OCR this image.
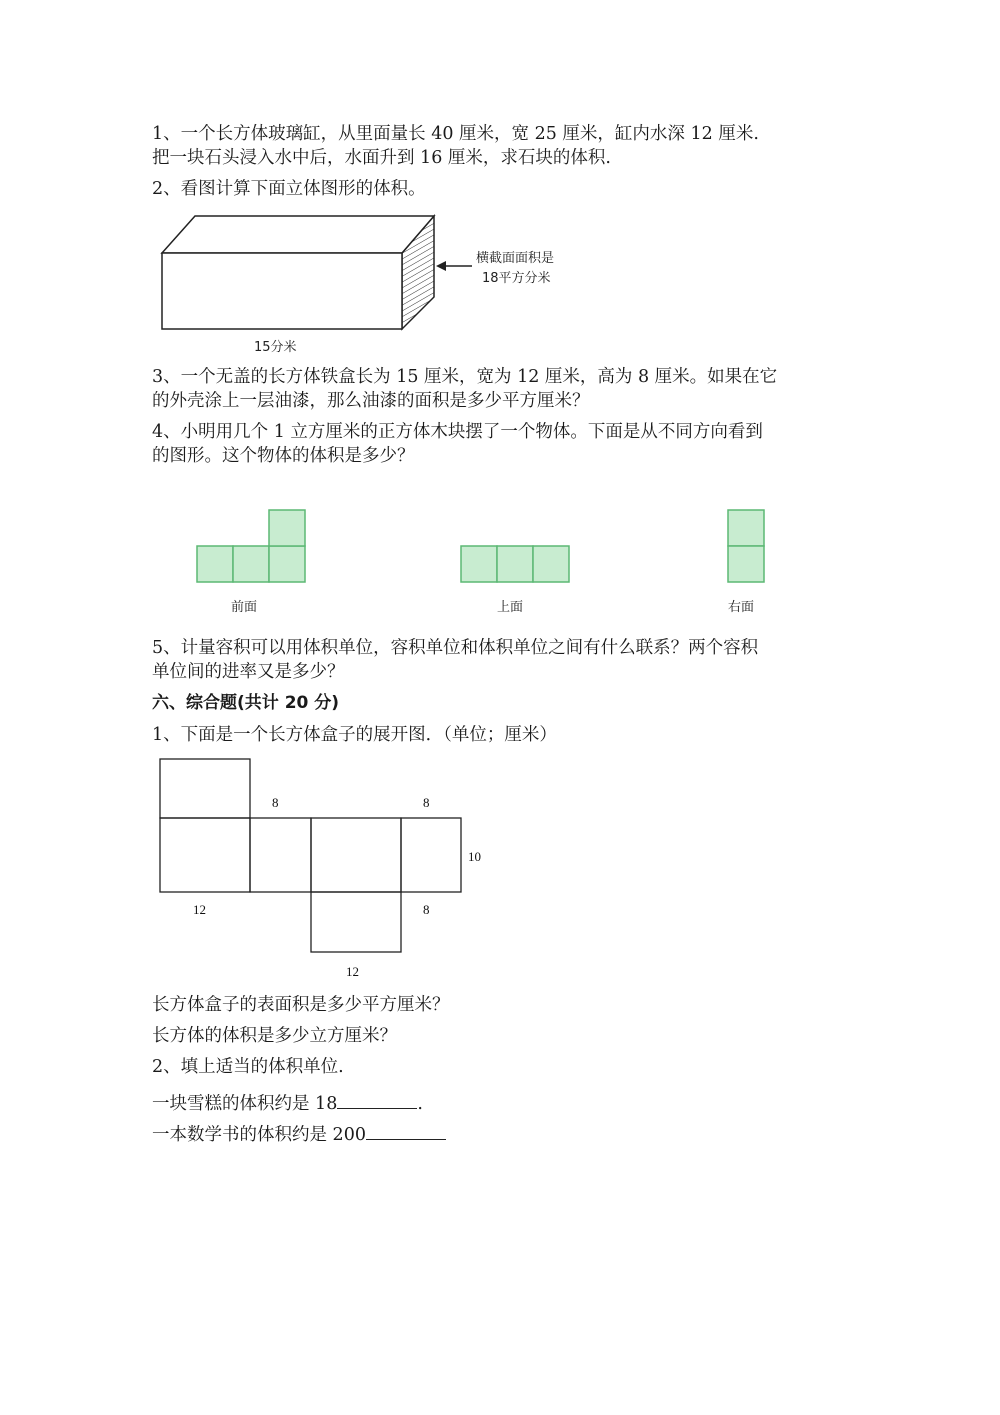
1、一个长方体玻璃缸，从里面量长 40 厘米，宽 25 厘米，缸内水深 12 厘米.
把一块石头浸入水中后，水面升到 16 厘米，求石块的体积.
2、看图计算下面立体图形的体积。
横截面面积是
18平方分米
15分米
3、一个无盖的长方体铁盒长为 15 厘米，宽为 12 厘米，高为 8 厘米。如果在它
的外壳涂上一层油漆，那么油漆的面积是多少平方厘米？
4、小明用几个 1 立方厘米的正方体木块摆了一个物体。下面是从不同方向看到
的图形。这个物体的体积是多少？
前面	上面	右面
5、计量容积可以用体积单位，容积单位和体积单位之间有什么联系？两个容积
单位间的进率又是多少？
六、综合题(共计 20 分)
1、下面是一个长方体盒子的展开图．（单位；厘米）
8	8
10
12	8
12
长方体盒子的表面积是多少平方厘米？
长方体的体积是多少立方厘米？
2、填上适当的体积单位.
一块雪糕的体积约是 18	.
一本数学书的体积约是 200
